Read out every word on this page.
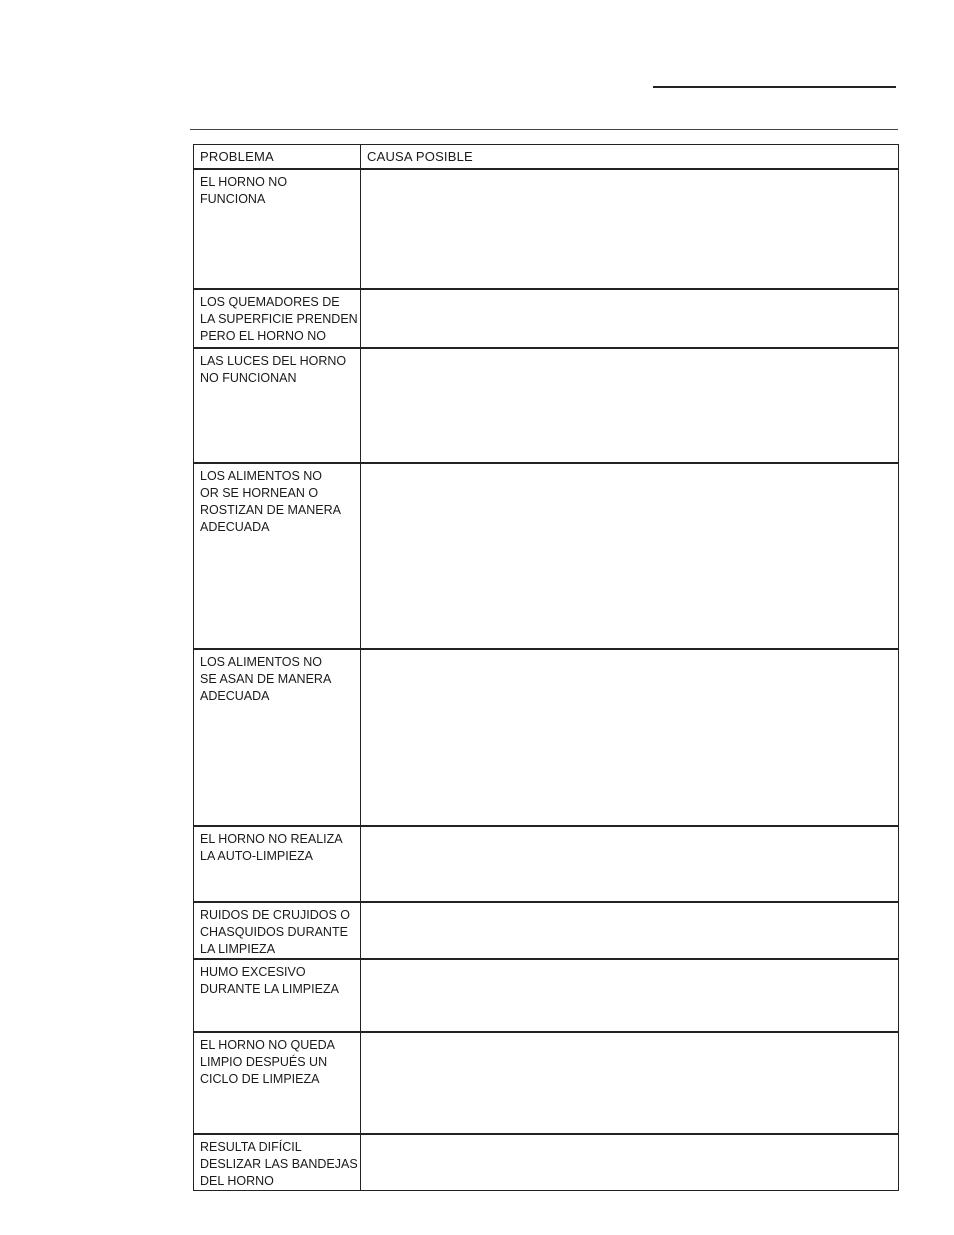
PROBLEMA	CAUSA POSIBLE

EL HORNO NO
FUNCIONA	

LOS QUEMADORES DE
LA SUPERFICIE PRENDEN
PERO EL HORNO NO	

LAS LUCES DEL HORNO
NO FUNCIONAN	

LOS ALIMENTOS NO
OR SE HORNEAN O
ROSTIZAN DE MANERA
ADECUADA	

LOS ALIMENTOS NO
SE ASAN DE MANERA
ADECUADA	

EL HORNO NO REALIZA
LA AUTO-LIMPIEZA	

RUIDOS DE CRUJIDOS O
CHASQUIDOS DURANTE
LA LIMPIEZA	

HUMO EXCESIVO
DURANTE LA LIMPIEZA	

EL HORNO NO QUEDA
LIMPIO DESPUÉS UN
CICLO DE LIMPIEZA	

RESULTA DIFÍCIL
DESLIZAR LAS BANDEJAS
DEL HORNO	
